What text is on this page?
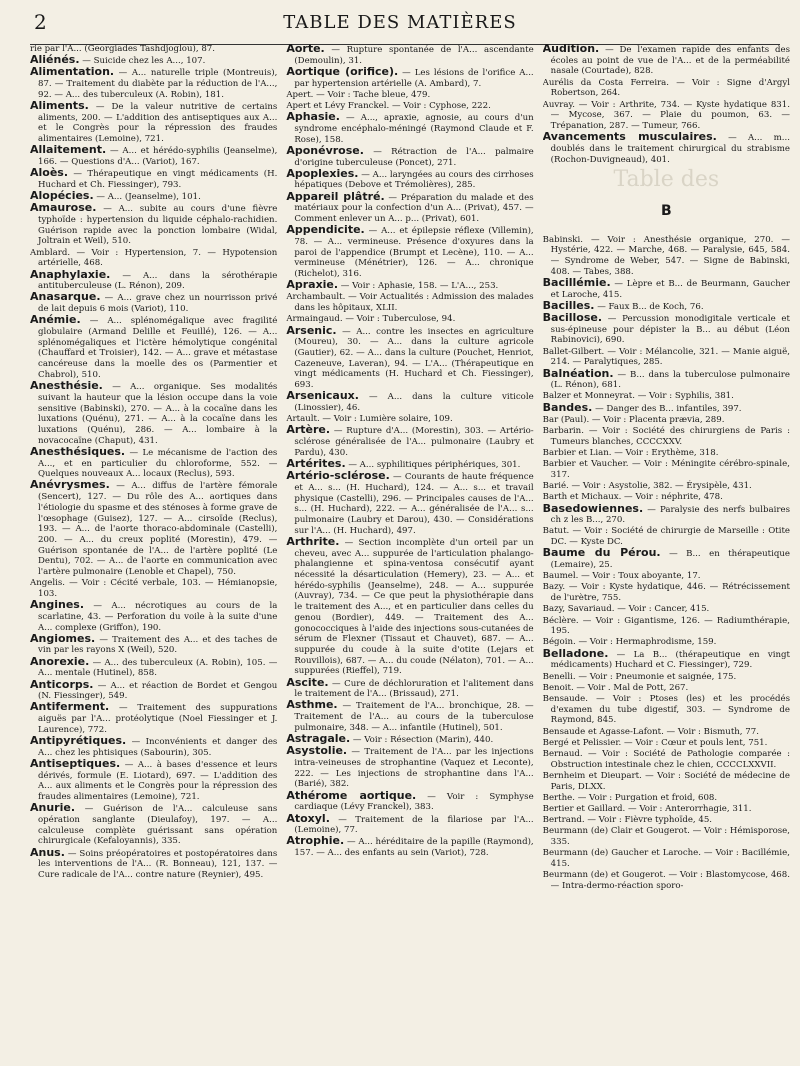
2	TABLE DES MATIÈRES

rie par l'A... (Georgiades Tashdjoglou), 87.

Aliénés. — Suicide chez les A..., 107.

Alimentation. — A... naturelle triple (Montreuis), 87. — Traitement du diabète par la réduction de l'A..., 92. — A... des tuberculeux (A. Robin), 181.

Aliments. — De la valeur nutritive de certains aliments, 200. — L'addition des antiseptiques aux A... et le Congrès pour la répression des fraudes alimentaires (Lemoine), 721.

Allaitement. — A... et hérédo-syphilis (Jeanselme), 166. — Questions d'A... (Variot), 167.

Aloès. — Thérapeutique en vingt médicaments (H. Huchard et Ch. Fiessinger), 793.

Alopécies. — A... (Jeanselme), 101.

Amaurose. — A... subite au cours d'une fièvre typhoïde : hypertension du liquide céphalo-rachidien. Guérison rapide avec la ponction lombaire (Widal, Joltrain et Weil), 510.

Amblard. — Voir : Hypertension, 7. — Hypotension artérielle, 468.

Anaphylaxie. — A... dans la sérothérapie antituberculeuse (L. Rénon), 209.

Anasarque. — A... grave chez un nourrisson privé de lait depuis 6 mois (Variot), 110.

Anémie. — A... splénomégalique avec fragilité globulaire (Armand Delille et Feuillé), 126. — A... splénomégaliques et l'ictère hémolytique congénital (Chauffard et Troisier), 142. — A... grave et métastase cancéreuse dans la moelle des os (Parmentier et Chabrol), 510.

Anesthésie. — A... organique. Ses modalités suivant la hauteur que la lésion occupe dans la voie sensitive (Babinski), 270. — A... à la cocaïne dans les luxations (Quénu), 271. — A... à la cocaïne dans les luxations (Quénu), 286. — A... lombaire à la novacocaïne (Chaput), 431.

Anesthésiques. — Le mécanisme de l'action des A..., et en particulier du chloroforme, 552. — Quelques nouveaux A... locaux (Reclus), 593.

Anévrysmes. — A... diffus de l'artère fémorale (Sencert), 127. — Du rôle des A... aortiques dans l'étiologie du spasme et des sténoses à forme grave de l'œsophage (Guisez), 127. — A... cirsoïde (Reclus), 193. — A... de l'aorte thoraco-abdominale (Castelli), 200. — A... du creux poplité (Morestin), 479. — Guérison spontanée de l'A... de l'artère poplité (Le Dentu), 702. — A... de l'aorte en communication avec l'artère pulmonaire (Lenoble et Chapel), 750.

Angelis. — Voir : Cécité verbale, 103. — Hémianopsie, 103.

Angines. — A... nécrotiques au cours de la scarlatine, 43. — Perforation du voile à la suite d'une A... complexe (Griffon), 190.

Angiomes. — Traitement des A... et des taches de vin par les rayons X (Weil), 520.

Anorexie. — A... des tuberculeux (A. Robin), 105. — A... mentale (Hutinel), 858.

Anticorps. — A... et réaction de Bordet et Gengou (N. Fiessinger), 549.

Antiferment. — Traitement des suppurations aiguës par l'A... protéolytique (Noel Fiessinger et J. Laurence), 772.

Antipyrétiques. — Inconvénients et danger des A... chez les phtisiques (Sabourin), 305.

Antiseptiques. — A... à bases d'essence et leurs dérivés, formule (E. Liotard), 697. — L'addition des A... aux aliments et le Congrès pour la répression des fraudes alimentaires (Lemoine), 721.

Anurie. — Guérison de l'A... calculeuse sans opération sanglante (Dieulafoy), 197. — A... calculeuse complète guérissant sans opération chirurgicale (Kefaloyannis), 335.

Anus. — Soins préopératoires et postopératoires dans les interventions de l'A... (R. Bonneau), 121, 137. — Cure radicale de l'A... contre nature (Reynier), 495.

Aorte. — Rupture spontanée de l'A... ascendante (Demoulin), 31.

Aortique (orifice). — Les lésions de l'orifice A... par hypertension artérielle (A. Ambard), 7.

Apert. — Voir : Tache bleue, 479.

Apert et Lévy Franckel. — Voir : Cyphose, 222.

Aphasie. — A..., apraxie, agnosie, au cours d'un syndrome encéphalo-méningé (Raymond Claude et F. Rose), 158.

Aponévrose. — Rétraction de l'A... palmaire d'origine tuberculeuse (Poncet), 271.

Apoplexies. — A... laryngées au cours des cirrhoses hépatiques (Debove et Trémolières), 285.

Appareil plâtré. — Préparation du malade et des matériaux pour la confection d'un A... (Privat), 457. — Comment enlever un A... p... (Privat), 601.

Appendicite. — A... et épilepsie réflexe (Villemin), 78. — A... vermineuse. Présence d'oxyures dans la paroi de l'appendice (Brumpt et Lecène), 110. — A... vermineuse (Ménétrier), 126. — A... chronique (Richelot), 316.

Apraxie. — Voir : Aphasie, 158. — L'A..., 253.

Archambault. — Voir Actualités : Admission des malades dans les hôpitaux, XLII.

Armaingaud. — Voir : Tuberculose, 94.

Arsenic. — A... contre les insectes en agriculture (Moureu), 30. — A... dans la culture agricole (Gautier), 62. — A... dans la culture (Pouchet, Henriot, Cazeneuve, Laveran), 94. — L'A... (Thérapeutique en vingt médicaments (H. Huchard et Ch. Fiessinger), 693.

Arsenicaux. — A... dans la culture viticole (Linossier), 46.

Artault. — Voir : Lumière solaire, 109.

Artère. — Rupture d'A... (Morestin), 303. — Artério-sclérose généralisée de l'A... pulmonaire (Laubry et Pardu), 430.

Artérites. — A... syphilitiques périphériques, 301.

Artério-sclérose. — Courants de haute fréquence et A... s... (H. Huchard), 124. — A... s... et travail physique (Castelli), 296. — Principales causes de l'A... s... (H. Huchard), 222. — A... généralisée de l'A... s... pulmonaire (Laubry et Darou), 430. — Considérations sur l'A... (H. Huchard), 497.

Arthrite. — Section incomplète d'un orteil par un cheveu, avec A... suppurée de l'articulation phalango-phalangienne et spina-ventosa consécutif ayant nécessité la désarticulation (Hemery), 23. — A... et hérédo-syphilis (Jeanselme), 248. — A... suppurée (Auvray), 734. — Ce que peut la physiothérapie dans le traitement des A..., et en particulier dans celles du genou (Bordier), 449. — Traitement des A... gonococciques à l'aide des injections sous-cutanées de sérum de Flexner (Tissaut et Chauvet), 687. — A... suppurée du coude à la suite d'otite (Lejars et Rouvillois), 687. — A... du coude (Nélaton), 701. — A... suppurées (Rieffel), 719.

Ascite. — Cure de déchloruration et l'alitement dans le traitement de l'A... (Brissaud), 271.

Asthme. — Traitement de l'A... bronchique, 28. — Traitement de l'A... au cours de la tuberculose pulmonaire, 348. — A... infantile (Hutinel), 501.

Astragale. — Voir : Résection (Marin), 440.

Asystolie. — Traitement de l'A... par les injections intra-veineuses de strophantine (Vaquez et Leconte), 222. — Les injections de strophantine dans l'A... (Barié), 382.

Athérome aortique. — Voir : Symphyse cardiaque (Lévy Franckel), 383.

Atoxyl. — Traitement de la filariose par l'A... (Lemoine), 77.

Atrophie. — A... héréditaire de la papille (Raymond), 157. — A... des enfants au sein (Variot), 728.

Audition. — De l'examen rapide des enfants des écoles au point de vue de l'A... et de la perméabilité nasale (Courtade), 828.

Aurélis da Costa Ferreira. — Voir : Signe d'Argyl Robertson, 264.

Auvray. — Voir : Arthrite, 734. — Kyste hydatique 831. — Mycose, 367. — Plaie du poumon, 63. — Trépanation, 287. — Tumeur, 766.

Avancements musculaires. — A... m... doublés dans le traitement chirurgical du strabisme (Rochon-Duvigneaud), 401.

Table des
B

Babinski. — Voir : Anesthésie organique, 270. — Hystérie, 422. — Marche, 468. — Paralysie, 645, 584. — Syndrome de Weber, 547. — Signe de Babinski, 408. — Tabes, 388.

Bacillémie. — Lèpre et B... de Beurmann, Gaucher et Laroche, 415.

Bacilles. — Faux B... de Koch, 76.

Bacillose. — Percussion monodigitale verticale et sus-épineuse pour dépister la B... au début (Léon Rabinovici), 690.

Ballet-Gilbert. — Voir : Mélancolie, 321. — Manie aiguë, 214. — Paralytiques, 285.

Balnéation. — B... dans la tuberculose pulmonaire (L. Rénon), 681.

Balzer et Monneyrat. — Voir : Syphilis, 381.

Bandes. — Danger des B... infantiles, 397.

Bar (Paul). — Voir : Placenta prævia, 289.

Barbarin. — Voir : Société des chirurgiens de Paris : Tumeurs blanches, CCCCXXV.

Barbier et Lian. — Voir : Erythème, 318.

Barbier et Vaucher. — Voir : Méningite cérébro-spinale, 317.

Barié. — Voir : Asystolie, 382. — Érysipèle, 431.

Barth et Michaux. — Voir : néphrite, 478.

Basedowiennes. — Paralysie des nerfs bulbaires ch z les B..., 270.

Batut. — Voir : Société de chirurgie de Marseille : Otite DC. — Kyste DC.

Baume du Pérou. — B... en thérapeutique (Lemaire), 25.

Baumel. — Voir : Toux aboyante, 17.

Bazy. — Voir : Kyste hydatique, 446. — Rétrécissement de l'urètre, 755.

Bazy, Savariaud. — Voir : Cancer, 415.

Béclère. — Voir : Gigantisme, 126. — Radiumthérapie, 195.

Bégoin. — Voir : Hermaphrodisme, 159.

Belladone. — La B... (thérapeutique en vingt médicaments) Huchard et C. Fiessinger), 729.

Benelli. — Voir : Pneumonie et saignée, 175.

Benoit. — Voir . Mal de Pott, 267.

Bensaude. — Voir : Ptoses (les) et les procédés d'examen du tube digestif, 303. — Syndrome de Raymond, 845.

Bensaude et Agasse-Lafont. — Voir : Bismuth, 77.

Bergé et Pelissier. — Voir : Cœur et pouls lent, 751.

Bernaud. — Voir : Société de Pathologie comparée : Obstruction intestinale chez le chien, CCCCLXXVII.

Bernheim et Dieupart. — Voir : Société de médecine de Paris, DLXX.

Berthe. — Voir : Purgation et froid, 608.

Bertier et Gaillard. — Voir : Anterorrhagie, 311.

Bertrand. — Voir : Fièvre typhoïde, 45.

Beurmann (de) Clair et Gougerot. — Voir : Hémisporose, 335.

Beurmann (de) Gaucher et Laroche. — Voir : Bacillémie, 415.

Beurmann (de) et Gougerot. — Voir : Blastomycose, 468. — Intra-dermo-réaction sporo-
